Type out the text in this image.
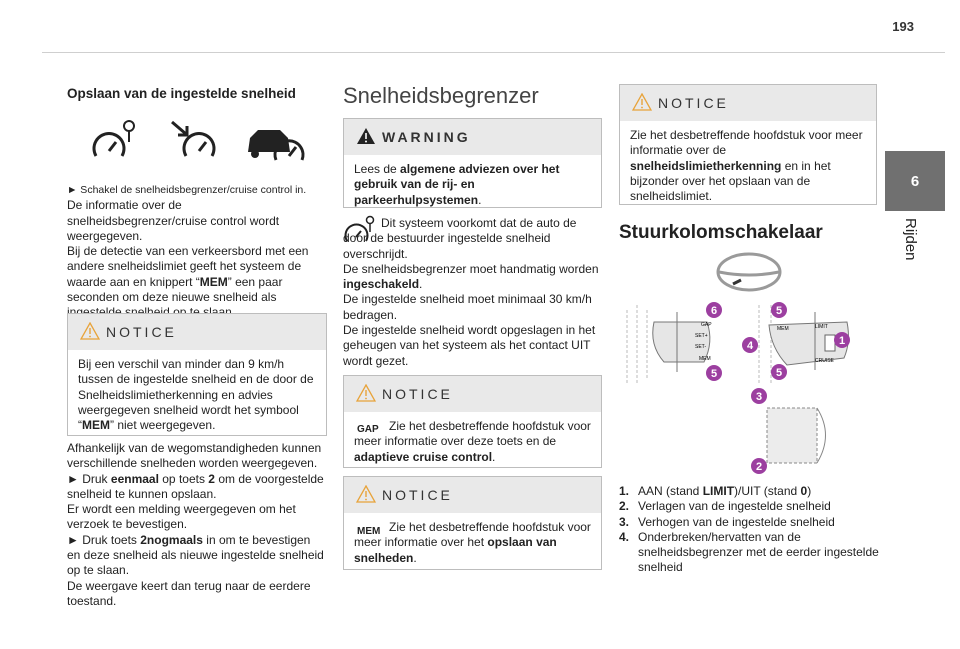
193
6
Rijden
Opslaan van de ingestelde snelheid

► Schakel de snelheidsbegrenzer/cruise control in.

De informatie over de snelheidsbegrenzer/cruise control wordt weergegeven.

Bij de detectie van een verkeersbord met een andere snelheidslimiet geeft het systeem de waarde aan en knippert “MEM” een paar seconden om deze nieuwe snelheid als

NOTICE

Bij een verschil van minder dan 9 km/h tussen de ingestelde snelheid en de door de Snelheidslimietherkenning en advies weergegeven snelheid wordt het symbool “MEM” niet weergegeven.

Afhankelijk van de wegomstandigheden kunnen verschillende snelheden worden weergegeven.

► Druk eenmaal op toets 2 om de voorgestelde snelheid te kunnen opslaan.

Er wordt een melding weergegeven om het verzoek te bevestigen.

► Druk toets 2nogmaals in om te bevestigen en deze snelheid als nieuwe ingestelde snelheid op te slaan.

De weergave keert dan terug naar de eerdere toestand.

Snelheidsbegrenzer
WARNING

Lees de algemene adviezen over het gebruik van de rij- en parkeerhulpsystemen.

Dit systeem voorkomt dat de auto de door de bestuurder ingestelde snelheid overschrijdt.

De snelheidsbegrenzer moet handmatig worden ingeschakeld.

De ingestelde snelheid moet minimaal 30 km/h bedragen.

De ingestelde snelheid wordt opgeslagen in het geheugen van het systeem als het contact UIT wordt gezet.

NOTICE
GAP Zie het desbetreffende hoofdstuk voor meer informatie over deze toets en de adaptieve cruise control.

NOTICE
MEM Zie het desbetreffende hoofdstuk voor meer informatie over het opslaan van snelheden.

NOTICE

Zie het desbetreffende hoofdstuk voor meer informatie over de snelheidslimietherkenning en in het bijzonder over het opslaan van de snelheidslimiet.

Stuurkolomschakelaar
GAP
SET+
SET-
MEM
MEM	LIMIT
CRUISE
6	5
4	1
5	5
3
2
1. AAN (stand LIMIT)/UIT (stand 0)
2. Verlagen van de ingestelde snelheid
3. Verhogen van de ingestelde snelheid
4. Onderbreken/hervatten van de snelheidsbegrenzer met de eerder ingestelde snelheid
